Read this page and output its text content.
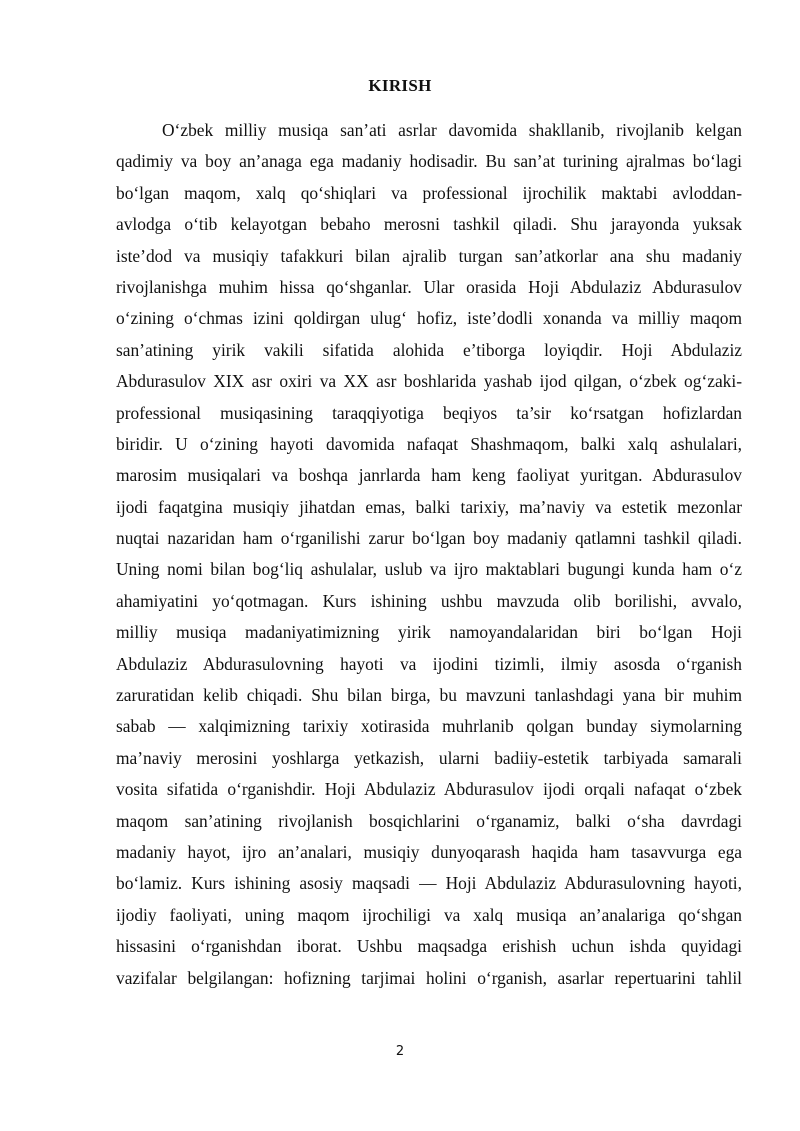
KIRISH
O‘zbek milliy musiqa san’ati asrlar davomida shakllanib, rivojlanib kelgan
qadimiy va boy an’anaga ega madaniy hodisadir. Bu san’at turining ajralmas bo‘lagi
bo‘lgan maqom, xalq qo‘shiqlari va professional ijrochilik maktabi avloddan-
avlodga o‘tib kelayotgan bebaho merosni tashkil qiladi. Shu jarayonda yuksak
iste’dod va musiqiy tafakkuri bilan ajralib turgan san’atkorlar ana shu madaniy
rivojlanishga muhim hissa qo‘shganlar. Ular orasida Hoji Abdulaziz Abdurasulov
o‘zining o‘chmas izini qoldirgan ulug‘ hofiz, iste’dodli xonanda va milliy maqom
san’atining yirik vakili sifatida alohida e’tiborga loyiqdir. Hoji Abdulaziz
Abdurasulov XIX asr oxiri va XX asr boshlarida yashab ijod qilgan, o‘zbek og‘zaki-
professional musiqasining taraqqiyotiga beqiyos ta’sir ko‘rsatgan hofizlardan
biridir. U o‘zining hayoti davomida nafaqat Shashmaqom, balki xalq ashulalari,
marosim musiqalari va boshqa janrlarda ham keng faoliyat yuritgan. Abdurasulov
ijodi faqatgina musiqiy jihatdan emas, balki tarixiy, ma’naviy va estetik mezonlar
nuqtai nazaridan ham o‘rganilishi zarur bo‘lgan boy madaniy qatlamni tashkil qiladi.
Uning nomi bilan bog‘liq ashulalar, uslub va ijro maktablari bugungi kunda ham o‘z
ahamiyatini yo‘qotmagan. Kurs ishining ushbu mavzuda olib borilishi, avvalo,
milliy musiqa madaniyatimizning yirik namoyandalaridan biri bo‘lgan Hoji
Abdulaziz Abdurasulovning hayoti va ijodini tizimli, ilmiy asosda o‘rganish
zaruratidan kelib chiqadi. Shu bilan birga, bu mavzuni tanlashdagi yana bir muhim
sabab — xalqimizning tarixiy xotirasida muhrlanib qolgan bunday siymolarning
ma’naviy merosini yoshlarga yetkazish, ularni badiiy-estetik tarbiyada samarali
vosita sifatida o‘rganishdir. Hoji Abdulaziz Abdurasulov ijodi orqali nafaqat o‘zbek
maqom san’atining rivojlanish bosqichlarini o‘rganamiz, balki o‘sha davrdagi
madaniy hayot, ijro an’analari, musiqiy dunyoqarash haqida ham tasavvurga ega
bo‘lamiz. Kurs ishining asosiy maqsadi — Hoji Abdulaziz Abdurasulovning hayoti,
ijodiy faoliyati, uning maqom ijrochiligi va xalq musiqa an’analariga qo‘shgan
hissasini o‘rganishdan iborat. Ushbu maqsadga erishish uchun ishda quyidagi
vazifalar belgilangan: hofizning tarjimai holini o‘rganish, asarlar repertuarini tahlil
2
